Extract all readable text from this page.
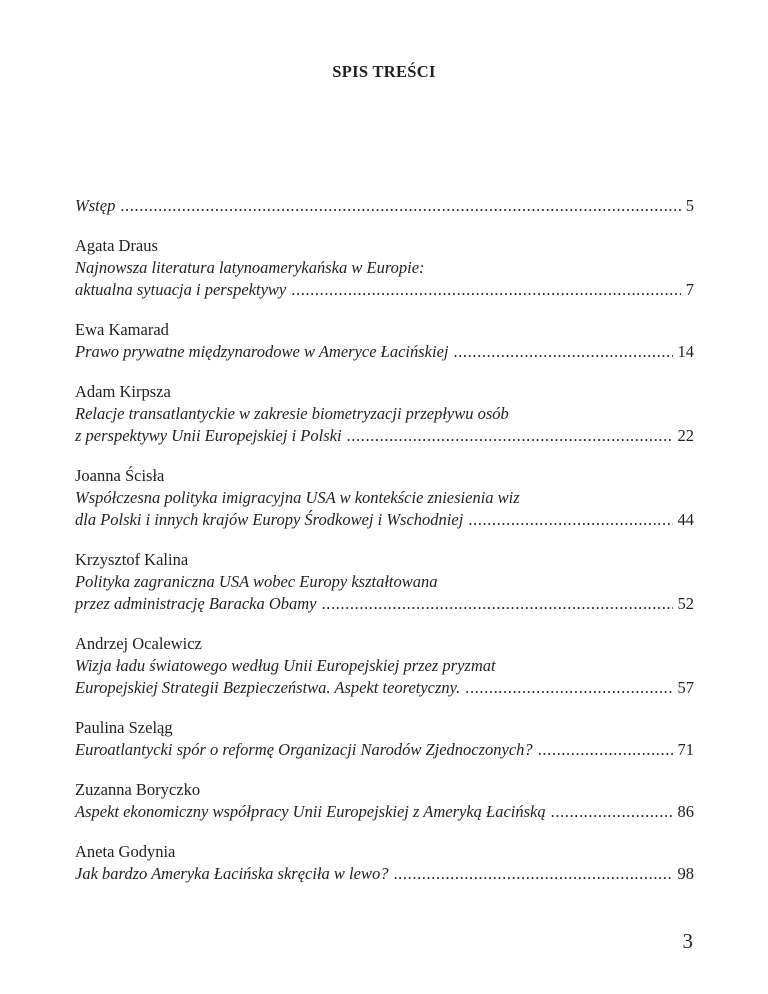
SPIS TREŚCI
Wstęp .....	5
Agata Draus
Najnowsza literatura latynoamerykańska w Europie:
aktualna sytuacja i perspektywy .....	7
Ewa Kamarad
Prawo prywatne międzynarodowe w Ameryce Łacińskiej .....	14
Adam Kirpsza
Relacje transatlantyckie w zakresie biometryzacji przepływu osób
z perspektywy Unii Europejskiej i Polski .....	22
Joanna Ścisła
Współczesna polityka imigracyjna USA w kontekście zniesienia wiz
dla Polski i innych krajów Europy Środkowej i Wschodniej .....	44
Krzysztof Kalina
Polityka zagraniczna USA wobec Europy kształtowana
przez administrację Baracka Obamy .....	52
Andrzej Ocalewicz
Wizja ładu światowego według Unii Europejskiej przez pryzmat
Europejskiej Strategii Bezpieczeństwa. Aspekt teoretyczny. .....	57
Paulina Szeląg
Euroatlantycki spór o reformę Organizacji Narodów Zjednoczonych? .....	71
Zuzanna Boryczko
Aspekt ekonomiczny współpracy Unii Europejskiej z Ameryką Łacińską .....	86
Aneta Godynia
Jak bardzo Ameryka Łacińska skręciła w lewo? .....	98
3
